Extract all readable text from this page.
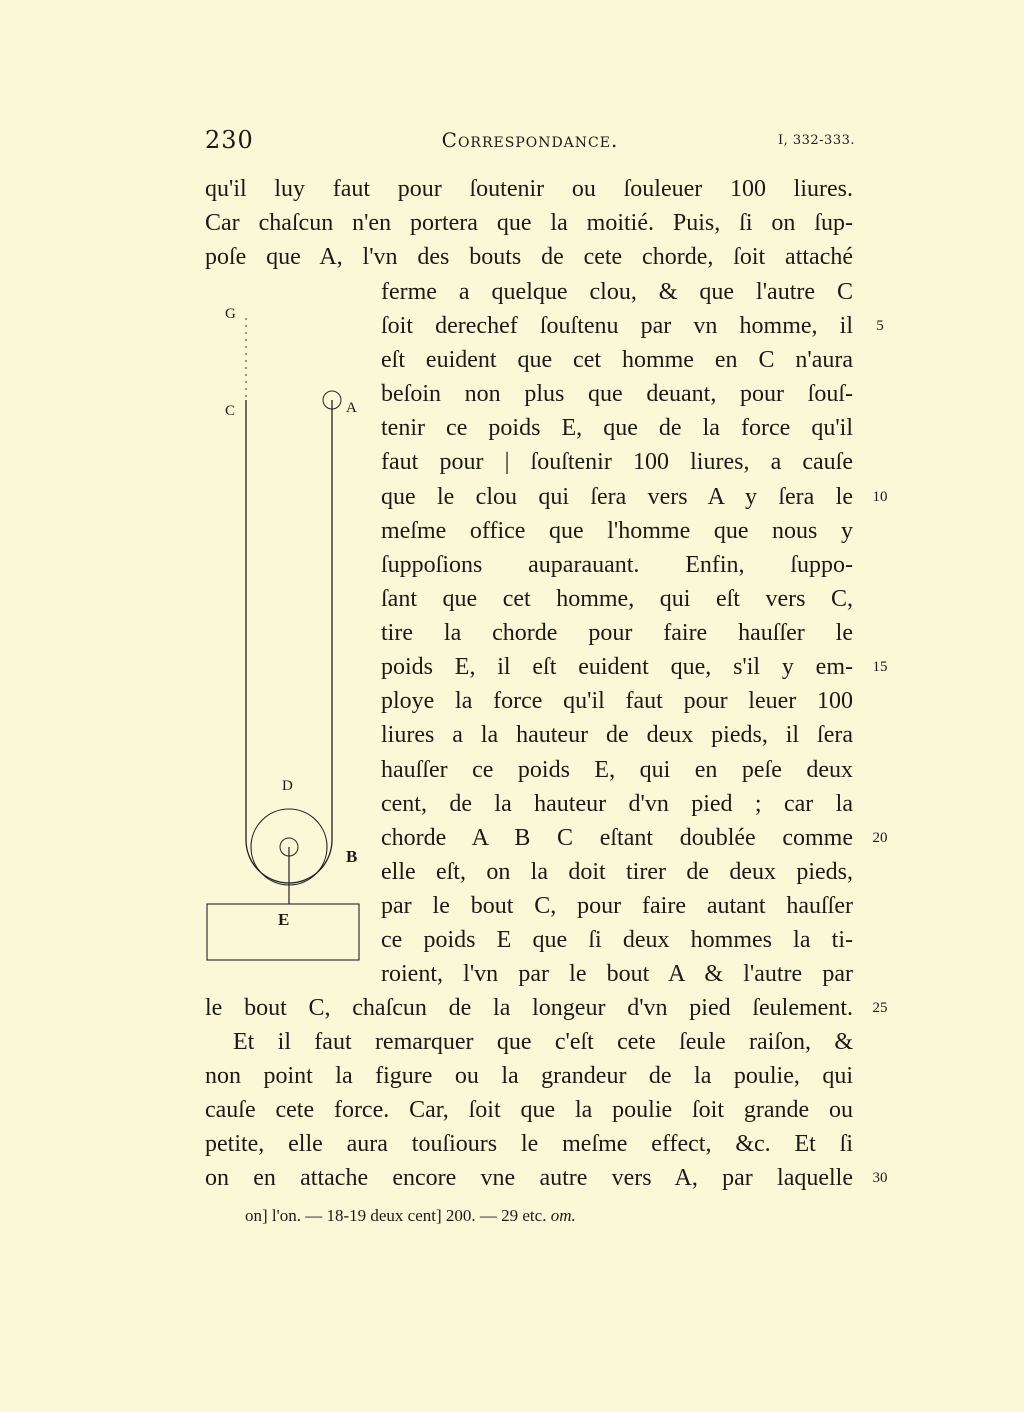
230	Correspondance.	I, 332-333.
qu'il luy faut pour ſoutenir ou ſouleuer 100 liures.
Car chaſcun n'en portera que la moitié. Puis, ſi on ſup-
poſe que A, l'vn des bouts de cete chorde, ſoit attaché
ferme a quelque clou, & que l'autre C
ſoit derechef ſouſtenu par vn homme, il
eſt euident que cet homme en C n'aura
beſoin non plus que deuant, pour ſouſ-
tenir ce poids E, que de la force qu'il
faut pour | ſouſtenir 100 liures, a cauſe
que le clou qui ſera vers A y ſera le
meſme office que l'homme que nous y
ſuppoſions auparauant. Enfin, ſuppo-
ſant que cet homme, qui eſt vers C,
tire la chorde pour faire hauſſer le
poids E, il eſt euident que, s'il y em-
ploye la force qu'il faut pour leuer 100
liures a la hauteur de deux pieds, il ſera
hauſſer ce poids E, qui en peſe deux
cent, de la hauteur d'vn pied ; car la
chorde A B C eſtant doublée comme
elle eſt, on la doit tirer de deux pieds,
par le bout C, pour faire autant hauſſer
ce poids E que ſi deux hommes la ti-
roient, l'vn par le bout A & l'autre par
le bout C, chaſcun de la longeur d'vn pied ſeulement.
Et il faut remarquer que c'eſt cete ſeule raiſon, &
non point la figure ou la grandeur de la poulie, qui
cauſe cete force. Car, ſoit que la poulie ſoit grande ou
petite, elle aura touſiours le meſme effect, &c. Et ſi
on en attache encore vne autre vers A, par laquelle
5
10
15
20
25
30
G
C	A
D
B
E
on] l'on. — 18-19 deux cent] 200. — 29 etc. om.
